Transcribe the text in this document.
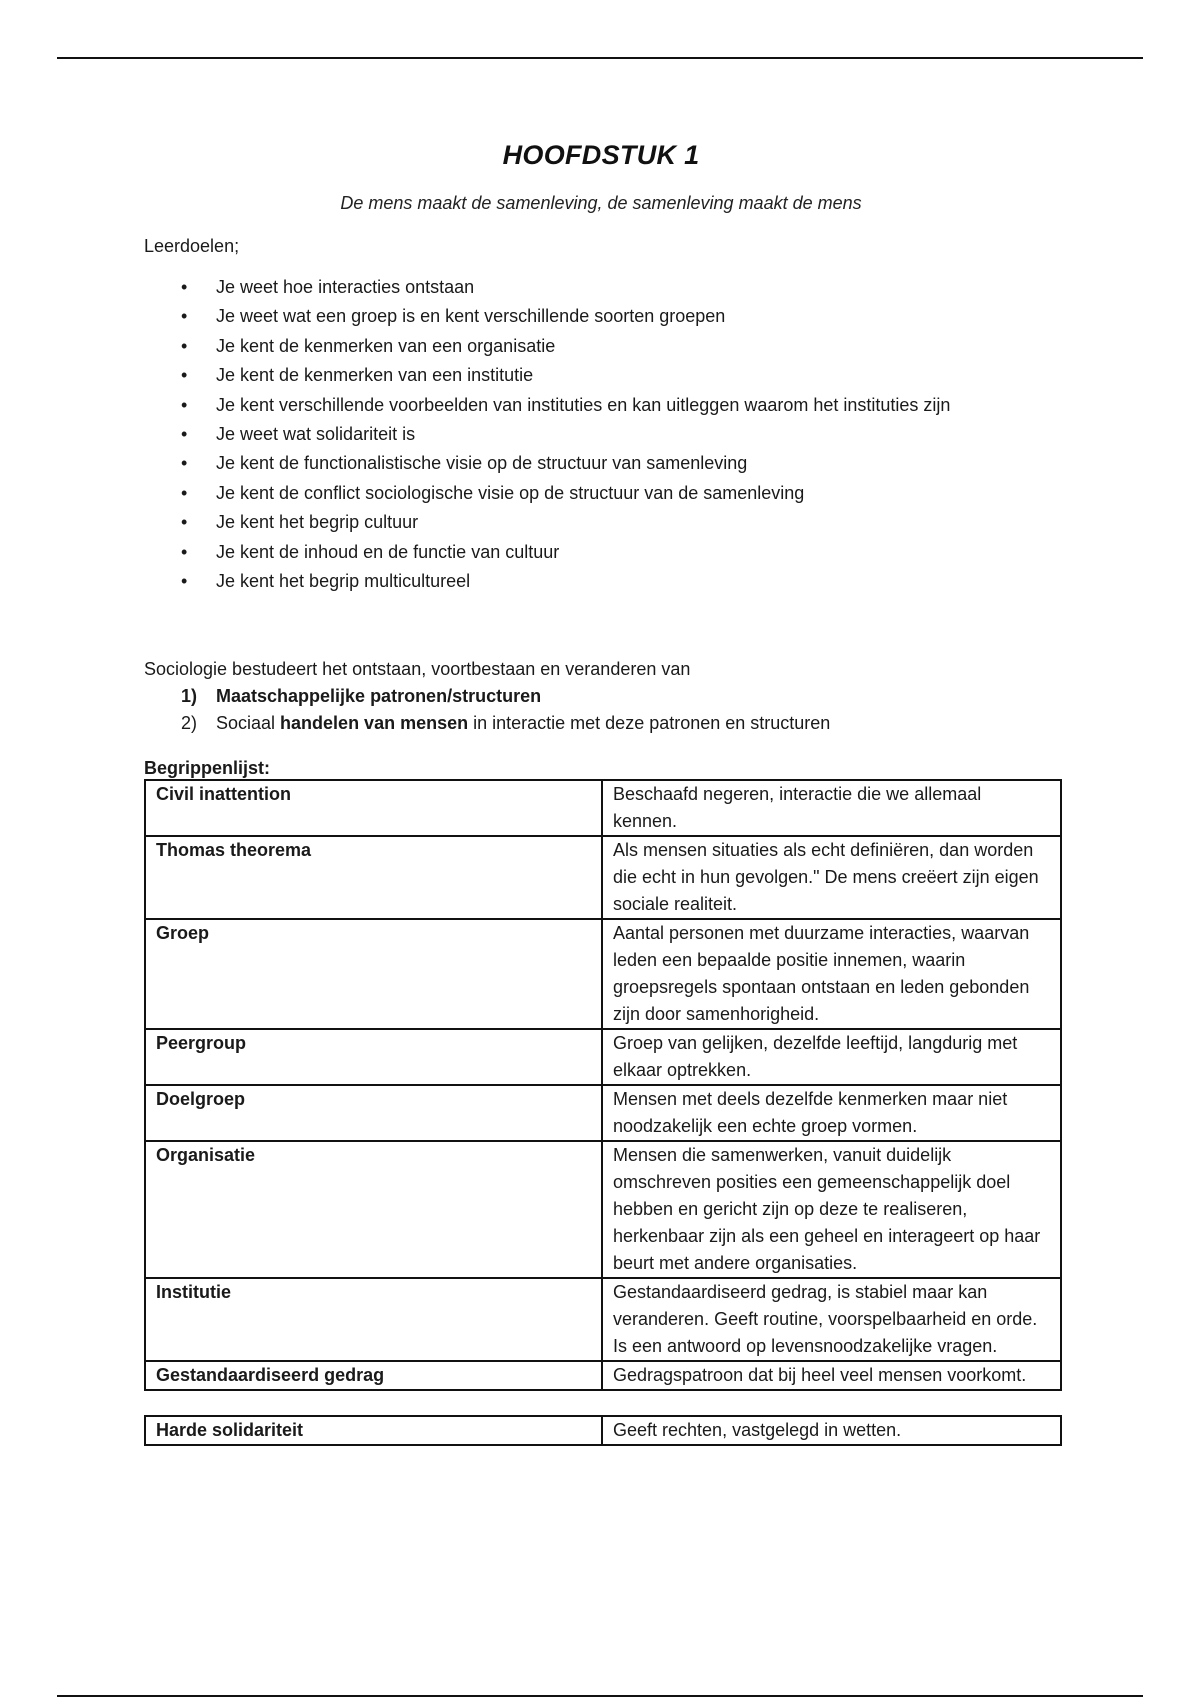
HOOFDSTUK 1
De mens maakt de samenleving, de samenleving maakt de mens
Leerdoelen;
• Je weet hoe interacties ontstaan
• Je weet wat een groep is en kent verschillende soorten groepen
• Je kent de kenmerken van een organisatie
• Je kent de kenmerken van een institutie
• Je kent verschillende voorbeelden van instituties en kan uitleggen waarom het instituties zijn
• Je weet wat solidariteit is
• Je kent de functionalistische visie op de structuur van samenleving
• Je kent de conflict sociologische visie op de structuur van de samenleving
• Je kent het begrip cultuur
• Je kent de inhoud en de functie van cultuur
• Je kent het begrip multicultureel
Sociologie bestudeert het ontstaan, voortbestaan en veranderen van
1) Maatschappelijke patronen/structuren
2) Sociaal handelen van mensen in interactie met deze patronen en structuren
Begrippenlijst:
Civil inattention	Beschaafd negeren, interactie die we allemaal kennen.
Thomas theorema	Als mensen situaties als echt definiëren, dan worden die echt in hun gevolgen." De mens creëert zijn eigen sociale realiteit.
Groep	Aantal personen met duurzame interacties, waarvan leden een bepaalde positie innemen, waarin groepsregels spontaan ontstaan en leden gebonden zijn door samenhorigheid.
Peergroup	Groep van gelijken, dezelfde leeftijd, langdurig met elkaar optrekken.
Doelgroep	Mensen met deels dezelfde kenmerken maar niet noodzakelijk een echte groep vormen.
Organisatie	Mensen die samenwerken, vanuit duidelijk omschreven posities een gemeenschappelijk doel hebben en gericht zijn op deze te realiseren, herkenbaar zijn als een geheel en interageert op haar beurt met andere organisaties.
Institutie	Gestandaardiseerd gedrag, is stabiel maar kan veranderen. Geeft routine, voorspelbaarheid en orde. Is een antwoord op levensnoodzakelijke vragen.
Gestandaardiseerd gedrag	Gedragspatroon dat bij heel veel mensen voorkomt.
Harde solidariteit	Geeft rechten, vastgelegd in wetten.
